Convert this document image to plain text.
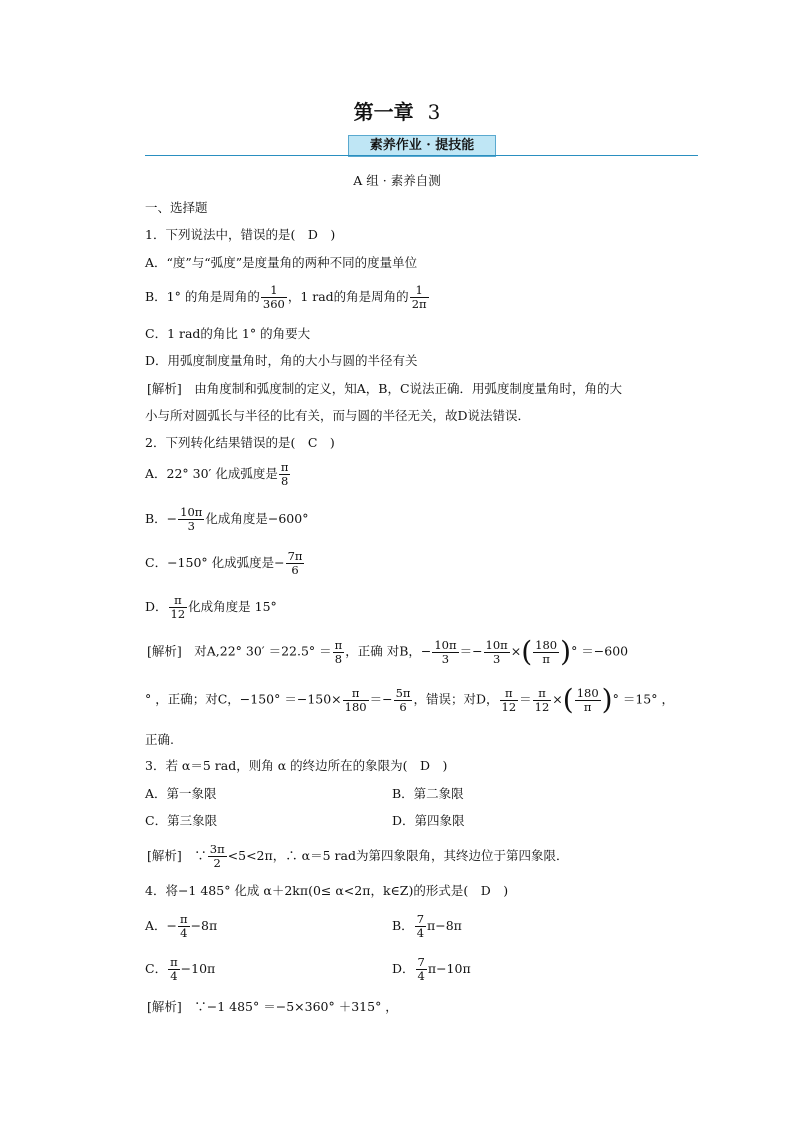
第一章 3
素养作业 · 提技能
A 组 · 素养自测
一、选择题
1．下列说法中，错误的是(　D　)
A．“度”与“弧度”是度量角的两种不同的度量单位
B．1° 的角是周角的 $\frac{1}{360}$ ，1 rad的角是周角的 $\frac{1}{2\pi}$
C．1 rad的角比 1° 的角要大
D．用弧度制度量角时，角的大小与圆的半径有关
[解析]　由角度制和弧度制的定义，知A，B，C说法正确．用弧度制度量角时，角的大
小与所对圆弧长与半径的比有关，而与圆的半径无关，故D说法错误．
2．下列转化结果错误的是(　C　)
A．22° 30′ 化成弧度是 $\frac{\pi}{8}$
B．− $\frac{10\pi}{3}$ 化成角度是−600°
C．−150° 化成弧度是− $\frac{7\pi}{6}$
D． $\frac{\pi}{12}$ 化成角度是 15°
[解析]　对A,22° $30' =22.5^\circ = \frac{\pi}{8}$ ，正确 对B，− $\frac{10\pi}{3} =- \frac{10\pi}{3}$ ×( $\frac{180}{\pi}$ )° ＝−600
° ，正确；对C，$-150^\circ =-150\times \frac{\pi}{180} =- \frac{5\pi}{6}$ ，错误；对D， $\frac{\pi}{12} = \frac{\pi}{12}$ ×( $\frac{180}{\pi}$ )° ＝15° ，
正确.
3．若 α＝5 rad，则角 α 的终边所在的象限为(　D　)
A．第一象限	B．第二象限
C．第三象限	D．第四象限
[解析]　∵ $\frac{3\pi}{2} <5<2\pi$，∴ α＝5 rad为第四象限角，其终边位于第四象限．
4．将−1 485° 化成 α＋2kπ(0≤ α<2π，k∈Z)的形式是(　D　)
A．− $\frac{\pi}{4} -8\pi$	B． $\frac{7}{4} \pi-8\pi$
C． $\frac{\pi}{4} -10\pi$	D． $\frac{7}{4} \pi-10\pi$
[解析]　∵−1 485° ＝−5×360° ＋315° ，
